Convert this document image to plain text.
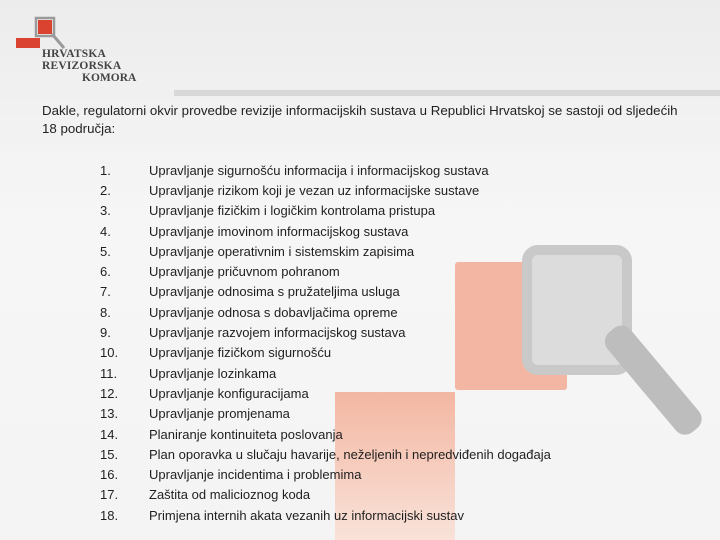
HRVATSKA REVIZORSKA
KOMORA
Dakle, regulatorni okvir provedbe revizije informacijskih sustava u Republici Hrvatskoj se sastoji od sljedećih 18 područja:
1.	Upravljanje sigurnošću informacija i informacijskog sustava
2.	Upravljanje rizikom koji je vezan uz informacijske sustave
3.	Upravljanje fizičkim i logičkim kontrolama pristupa
4.	Upravljanje imovinom informacijskog sustava
5.	Upravljanje operativnim i sistemskim zapisima
6.	Upravljanje pričuvnom pohranom
7.	Upravljanje odnosima s pružateljima usluga
8.	Upravljanje odnosa s dobavljačima opreme
9.	Upravljanje razvojem informacijskog sustava
10.	Upravljanje fizičkom sigurnošću
11.	Upravljanje lozinkama
12.	Upravljanje konfiguracijama
13.	Upravljanje promjenama
14.	Planiranje kontinuiteta poslovanja
15.	Plan oporavka u slučaju havarije, neželjenih i nepredviđenih događaja
16.	Upravljanje incidentima i problemima
17.	Zaštita od malicioznog koda
18.	Primjena internih akata vezanih uz informacijski sustav
